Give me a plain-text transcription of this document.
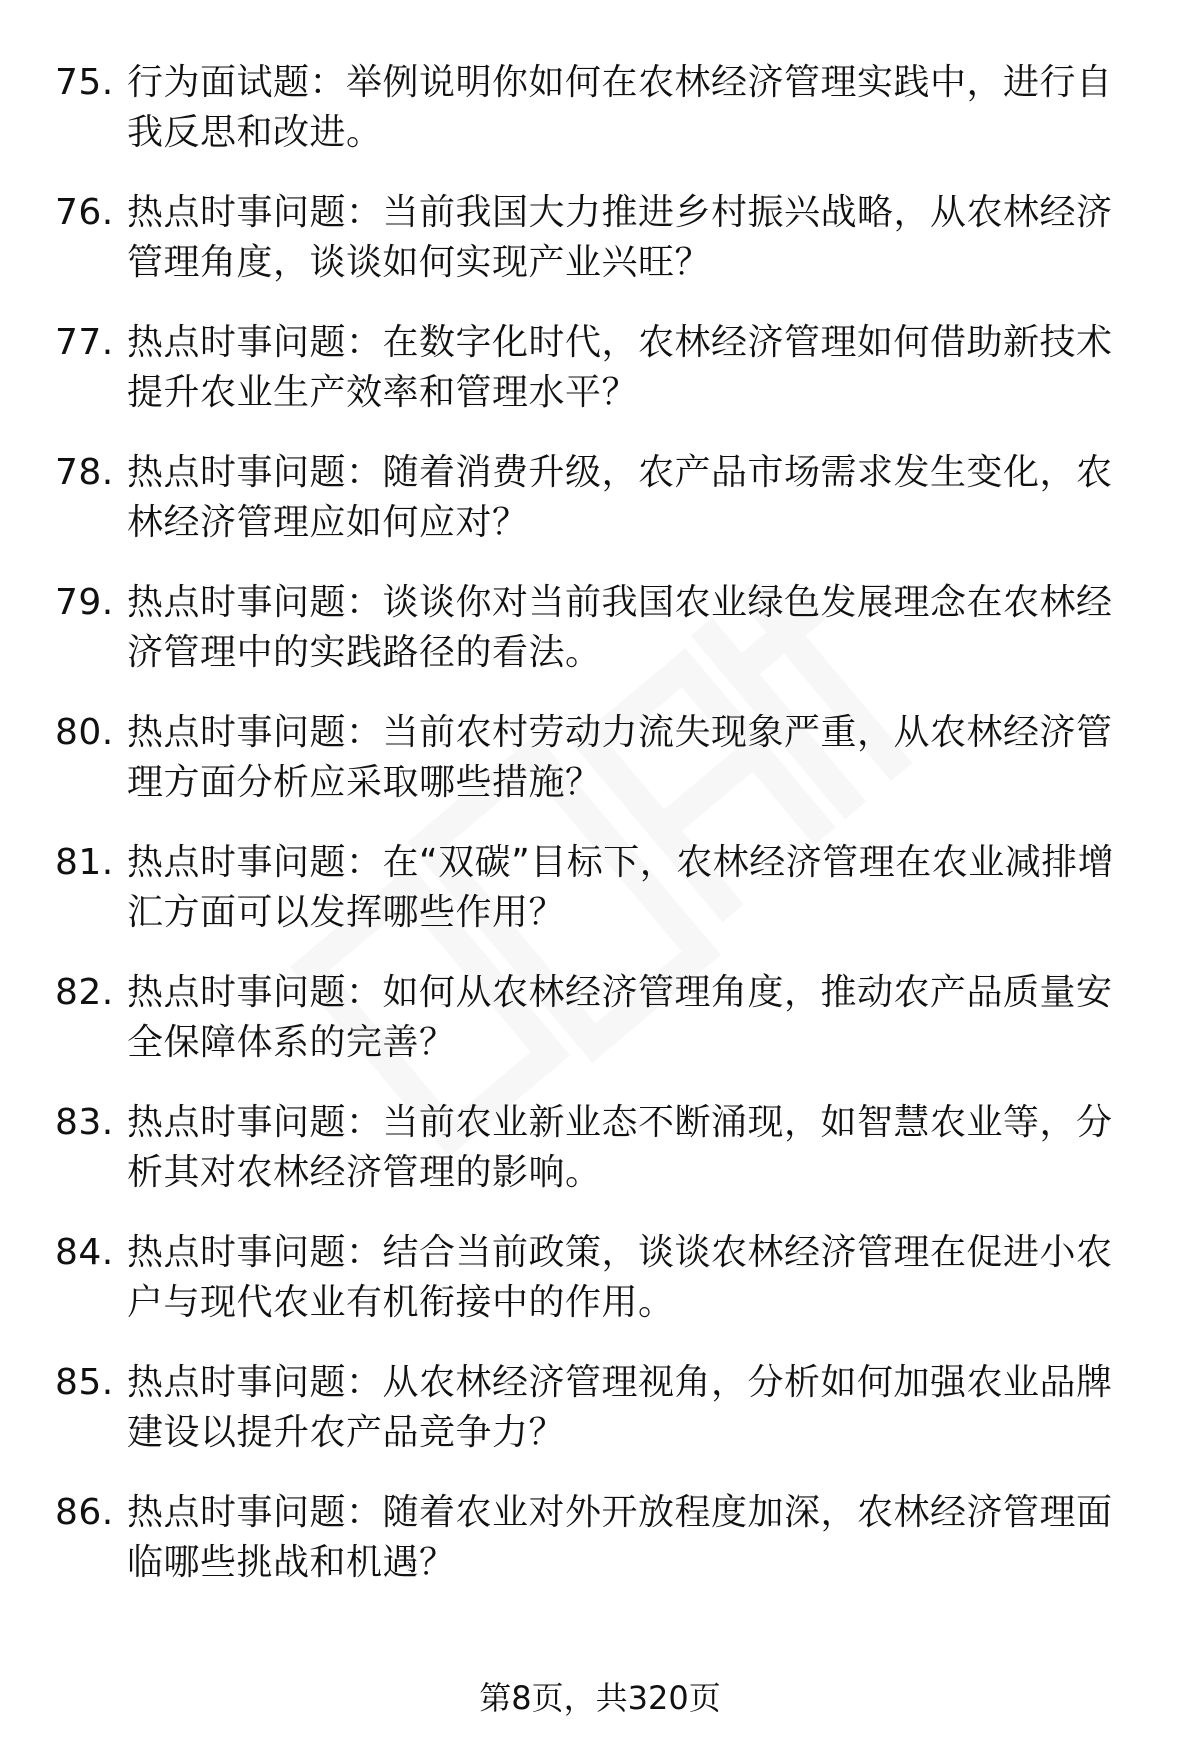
75. 行为面试题：举例说明你如何在农林经济管理实践中，进行自我反思和改进。
76. 热点时事问题：当前我国大力推进乡村振兴战略，从农林经济管理角度，谈谈如何实现产业兴旺？
77. 热点时事问题：在数字化时代，农林经济管理如何借助新技术提升农业生产效率和管理水平？
78. 热点时事问题：随着消费升级，农产品市场需求发生变化，农林经济管理应如何应对？
79. 热点时事问题：谈谈你对当前我国农业绿色发展理念在农林经济管理中的实践路径的看法。
80. 热点时事问题：当前农村劳动力流失现象严重，从农林经济管理方面分析应采取哪些措施？
81. 热点时事问题：在“双碳”目标下，农林经济管理在农业减排增汇方面可以发挥哪些作用？
82. 热点时事问题：如何从农林经济管理角度，推动农产品质量安全保障体系的完善？
83. 热点时事问题：当前农业新业态不断涌现，如智慧农业等，分析其对农林经济管理的影响。
84. 热点时事问题：结合当前政策，谈谈农林经济管理在促进小农户与现代农业有机衔接中的作用。
85. 热点时事问题：从农林经济管理视角，分析如何加强农业品牌建设以提升农产品竞争力？
86. 热点时事问题：随着农业对外开放程度加深，农林经济管理面临哪些挑战和机遇？
第8页，共320页
